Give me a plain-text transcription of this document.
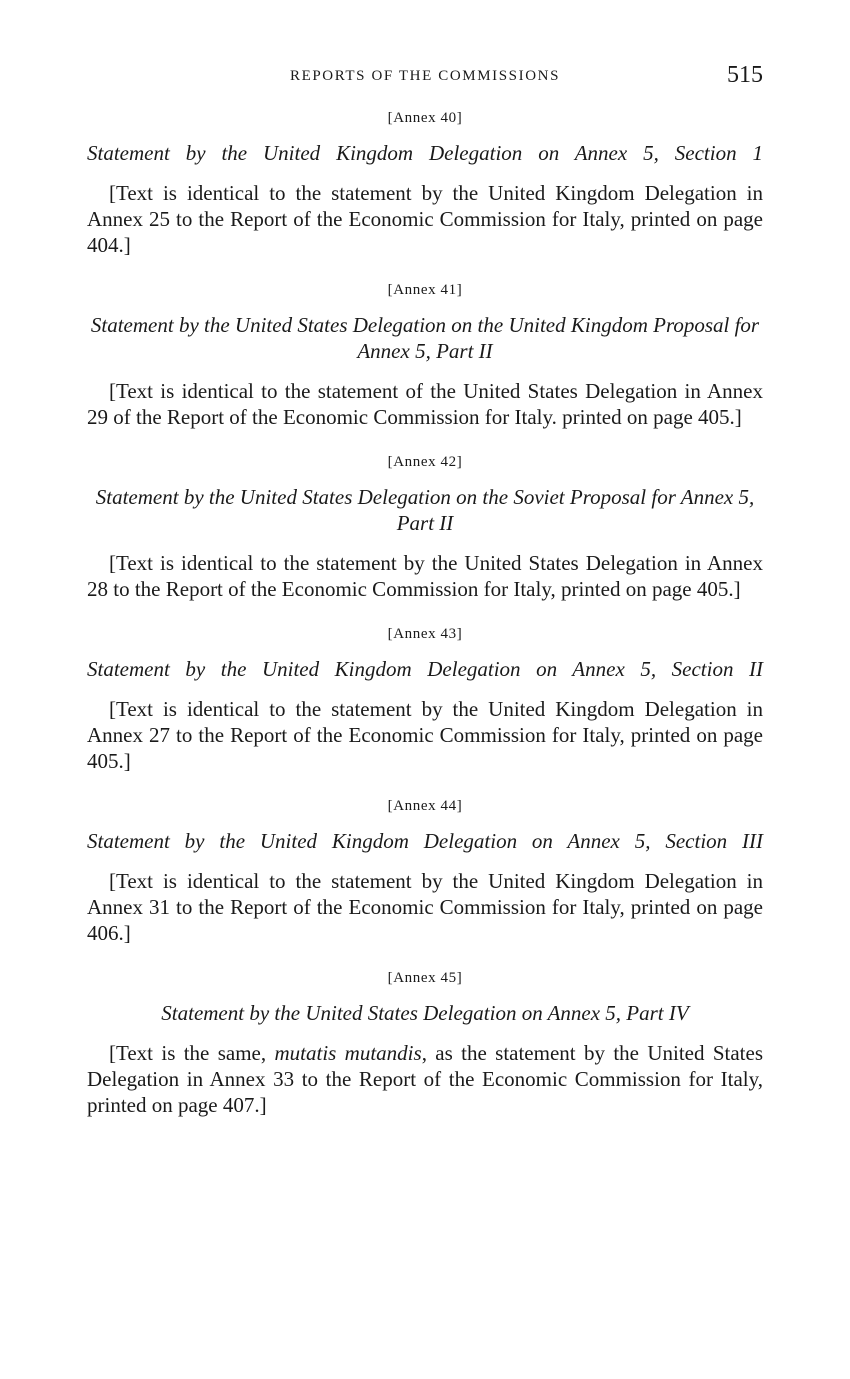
REPORTS OF THE COMMISSIONS	515
[Annex 40]
Statement by the United Kingdom Delegation on Annex 5, Section 1

[Text is identical to the statement by the United Kingdom Delegation in Annex 25 to the Report of the Economic Commission for Italy, printed on page 404.]

[Annex 41]
Statement by the United States Delegation on the United Kingdom Proposal for Annex 5, Part II

[Text is identical to the statement of the United States Delegation in Annex 29 of the Report of the Economic Commission for Italy. printed on page 405.]

[Annex 42]
Statement by the United States Delegation on the Soviet Proposal for Annex 5, Part II

[Text is identical to the statement by the United States Delegation in Annex 28 to the Report of the Economic Commission for Italy, printed on page 405.]

[Annex 43]
Statement by the United Kingdom Delegation on Annex 5, Section II

[Text is identical to the statement by the United Kingdom Delegation in Annex 27 to the Report of the Economic Commission for Italy, printed on page 405.]

[Annex 44]
Statement by the United Kingdom Delegation on Annex 5, Section III

[Text is identical to the statement by the United Kingdom Delegation in Annex 31 to the Report of the Economic Commission for Italy, printed on page 406.]

[Annex 45]
Statement by the United States Delegation on Annex 5, Part IV

[Text is the same, mutatis mutandis, as the statement by the United States Delegation in Annex 33 to the Report of the Economic Commission for Italy, printed on page 407.]
